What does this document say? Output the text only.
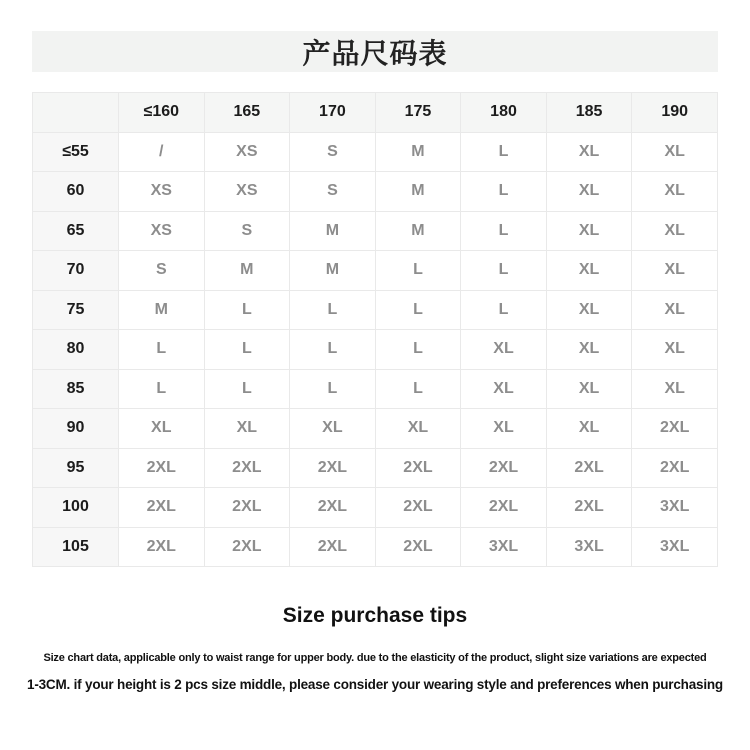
产品尺码表
	≤160	165	170	175	180	185	190
≤55	/	XS	S	M	L	XL	XL
60	XS	XS	S	M	L	XL	XL
65	XS	S	M	M	L	XL	XL
70	S	M	M	L	L	XL	XL
75	M	L	L	L	L	XL	XL
80	L	L	L	L	XL	XL	XL
85	L	L	L	L	XL	XL	XL
90	XL	XL	XL	XL	XL	XL	2XL
95	2XL	2XL	2XL	2XL	2XL	2XL	2XL
100	2XL	2XL	2XL	2XL	2XL	2XL	3XL
105	2XL	2XL	2XL	2XL	3XL	3XL	3XL
Size purchase tips

Size chart data, applicable only to waist range for upper body. due to the elasticity of the product, slight size variations are expected

1-3CM. if your height is 2 pcs size middle, please consider your wearing style and preferences when purchasing
